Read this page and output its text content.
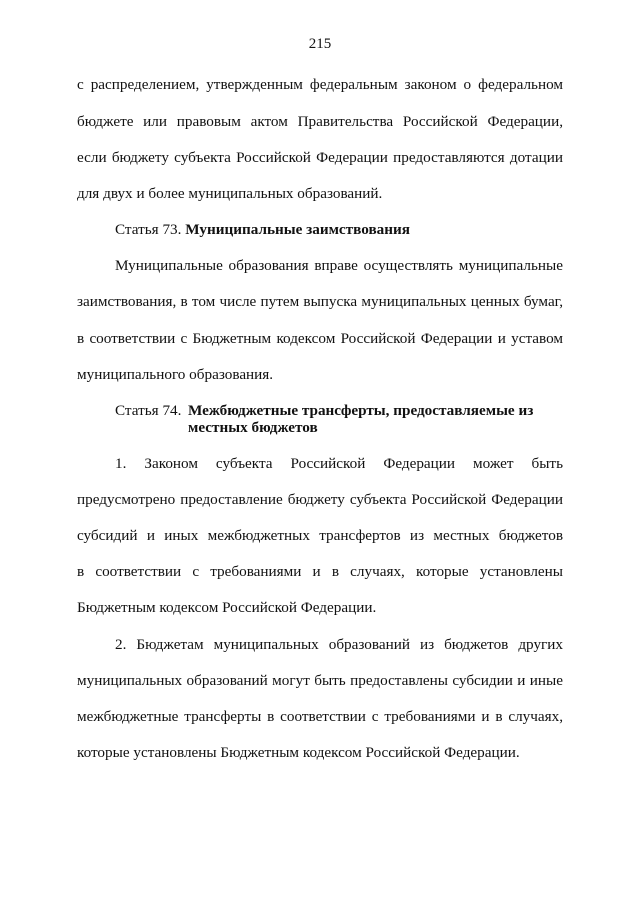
215
с распределением, утвержденным федеральным законом о федеральном
бюджете или правовым актом Правительства Российской Федерации,
если бюджету субъекта Российской Федерации предоставляются дотации
для двух и более муниципальных образований.
Статья 73. Муниципальные заимствования
Муниципальные образования вправе осуществлять муниципальные
заимствования, в том числе путем выпуска муниципальных ценных бумаг,
в соответствии с Бюджетным кодексом Российской Федерации и уставом
муниципального образования.
Статья 74. Межбюджетные трансферты, предоставляемые из
местных бюджетов
1. Законом субъекта Российской Федерации может быть
предусмотрено предоставление бюджету субъекта Российской Федерации
субсидий и иных межбюджетных трансфертов из местных бюджетов
в соответствии с требованиями и в случаях, которые установлены
Бюджетным кодексом Российской Федерации.
2. Бюджетам муниципальных образований из бюджетов других
муниципальных образований могут быть предоставлены субсидии и иные
межбюджетные трансферты в соответствии с требованиями и в случаях,
которые установлены Бюджетным кодексом Российской Федерации.
